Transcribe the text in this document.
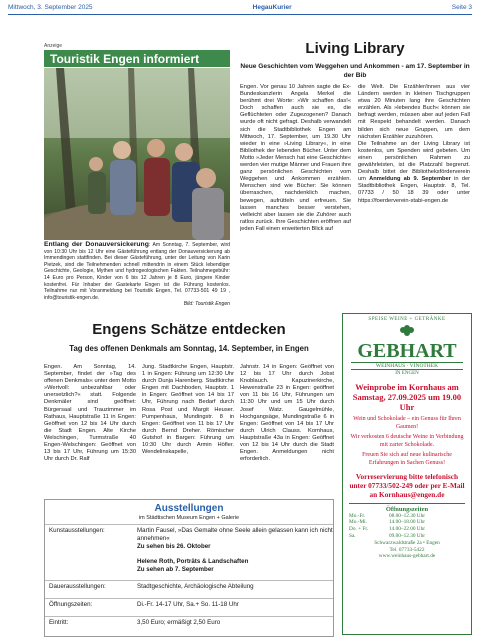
Mittwoch, 3. September 2025	HegauKurier	Seite 3
Anzeige
Touristik Engen informiert
Entlang der Donauversickerung: Am Sonntag, 7. September, wird von 10:30 Uhr bis 12 Uhr eine Gästeführung entlang der Donauversickerung ab Immendingen stattfinden. Bei dieser Gästeführung, unter der Leitung von Karin Pietzek, sind die Teilnehmenden schnell mittendrin in einem Stück lebendiger Geschichte, Geologie, Mythen und hydrogeologischen Fakten. Teilnahmegebühr: 14 Euro pro Person, Kinder von 6 bis 12 Jahren je 8 Euro, jüngere Kinder kostenfrei. Für Inhaber der Gastekarte Engen ist die Führung kostenlos. Teilnahme nur mit Voranmeldung bei Touristik Engen, Tel. 07733-501 49 19 , info@touristik-engen.de.
Bild: Touristik Engen
Living Library
Neue Geschichten vom Weggehen und Ankommen - am 17. September in der Bib
Engen. Vor genau 10 Jahren sagte die Ex-Bundeskanzlerin Angela Merkel die berühmt drei Worte: »Wir schaffen das!« Doch schaffen auch sie es, die Geflüchteten oder Zugezogenen? Danach wurde oft nicht gefragt. Deshalb verwandelt sich die Stadtbibliothek Engen am Mittwoch, 17. September, um 19.30 Uhr wieder in eine »Living Library«, in eine Bibliothek der lebenden Bücher. Unter dem Motto »Jeder Mensch hat eine Geschichte« werden vier mutige Männer und Frauen ihre ganz persönlichen Geschichten vom Weggehen und Ankommen erzählen. Menschen sind wie Bücher: Sie können überraschen, nachdenklich machen, bewegen, aufrütteln und erfreuen. Sie lassen manches besser verstehen, vielleicht aber lassen sie die Zuhörer auch ratlos zurück. Ihre Geschichten eröffnen auf jeden Fall einen erweiterten Blick auf
die Welt. Die Erzähler/innen aus vier Ländern werden in kleinen Tischgruppen etwa 20 Minuten lang ihre Geschichten erzählen. Als »lebendes Buch« können sie befragt werden, müssen aber auf jeden Fall mit Respekt behandelt werden. Danach bilden sich neue Gruppen, um dem nächsten Erzähler zuzuhören.
Die Teilnahme an der Living Library ist kostenlos, um Spenden wird gebeten. Um einen persönlichen Rahmen zu gewährleisten, ist die Platzzahl begrenzt. Deshalb bittet der Bibliotheksförderverein um Anmeldung ab 9. September in der Stadtbibliothek Engen, Hauptstr. 8, Tel. 07733 / 50 18 39 oder unter https://foerderverein-stabi-engen.de
Engens Schätze entdecken
Tag des offenen Denkmals am Sonntag, 14. September, in Engen
Engen. Am Sonntag, 14. September, findet der »Tag des offenen Denkmals« unter dem Motto »Wertvoll: unbezahlbar oder unersetzlich?« statt. Folgende Denkmäler sind geöffnet: Bürgersaal und Trauzimmer im Rathaus, Hauptstraße 11 in Engen: Geöffnet von 12 bis 14 Uhr durch die Stadt Engen. Alte Kirche Welschingen, Turmstraße 40 Engen-Welschingen: Geöffnet von 13 bis 17 Uhr, Führung um 15:30 Uhr durch Dr. Ralf
Jung. Stadtkirche Engen, Hauptstr. 1 in Engen: Führung um 12:30 Uhr durch Dunja Harenberg. Stadtkirche Engen mit Dachboden, Hauptstr. 1 in Engen: Geöffnet von 14 bis 17 Uhr, Führung nach Bedarf durch Rosa Post und Margit Heuser. Pumpenhaus, Mundingstr. 8 in Engen: Geöffnet von 11 bis 17 Uhr durch Bernd Dreher. Römischer Gutshof in Bargen: Führung um 10:30 Uhr durch Armin Höfler. Wendelinskapelle,
Jahnstr. 14 in Engen: Geöffnet von 12 bis 17 Uhr durch Jobst Knoblauch. Kapuzinerkirche, Hewenstraße 23 in Engen: geöffnet von 11 bis 16 Uhr, Führungen um 11:30 Uhr und um 15 Uhr durch Josef Watz. Gaugelmühle, Hochgangsäge, Mundingstraße 6 in Engen: Geöffnet von 14 bis 17 Uhr durch Ulrich Clauss. Kornhaus, Hauptstraße 43a in Engen: Geöffnet von 12 bis 14 Uhr durch die Stadt Engen. Anmeldungen nicht erforderlich.
Ausstellungen
im Städtischen Museum Engen + Galerie
Kunstausstellungen:	Martin Fausel, »Das Gemalte ohne Seele allein gelassen kann ich nicht annehmen«
Zu sehen bis 26. Oktober
Helene Roth, Porträts & Landschaften
Zu sehen ab 7. September
Dauerausstellungen:	Stadtgeschichte, Archäologische Abteilung
Öffnungszeiten:	Di.-Fr. 14-17 Uhr, Sa.+ So. 11-18 Uhr
Eintritt:	3,50 Euro; ermäßigt 2,50 Euro
SPEISE WEINE + GETRÄNKE
GEBHART
WEINHAUS · VINOTHEK
IN ENGEN
Weinprobe im Kornhaus am Samstag, 27.09.2025 um 19.00 Uhr
Wein und Schokolade – ein Genuss für Ihren Gaumen!
Wir verkosten 6 deutsche Weine in Verbindung mit zarter Schokolade.
Freuen Sie sich auf neue kulinarische Erfahrungen in Sachen Genuss!
Vorreservierung bitte telefonisch unter 07733/502-249 oder per E-Mail an Kornhaus@engen.de
Öffnungszeiten
Mo.-Fr.	08.00–12.30 Uhr
Mo.-Mi.	14.00–18.00 Uhr
Do. + Fr.	14.00–22.00 Uhr
Sa.	09.00–12.30 Uhr
Schwarzwaldstraße 2a • Engen
Tel. 07733-5422
www.weinhaus-gebhart.de
